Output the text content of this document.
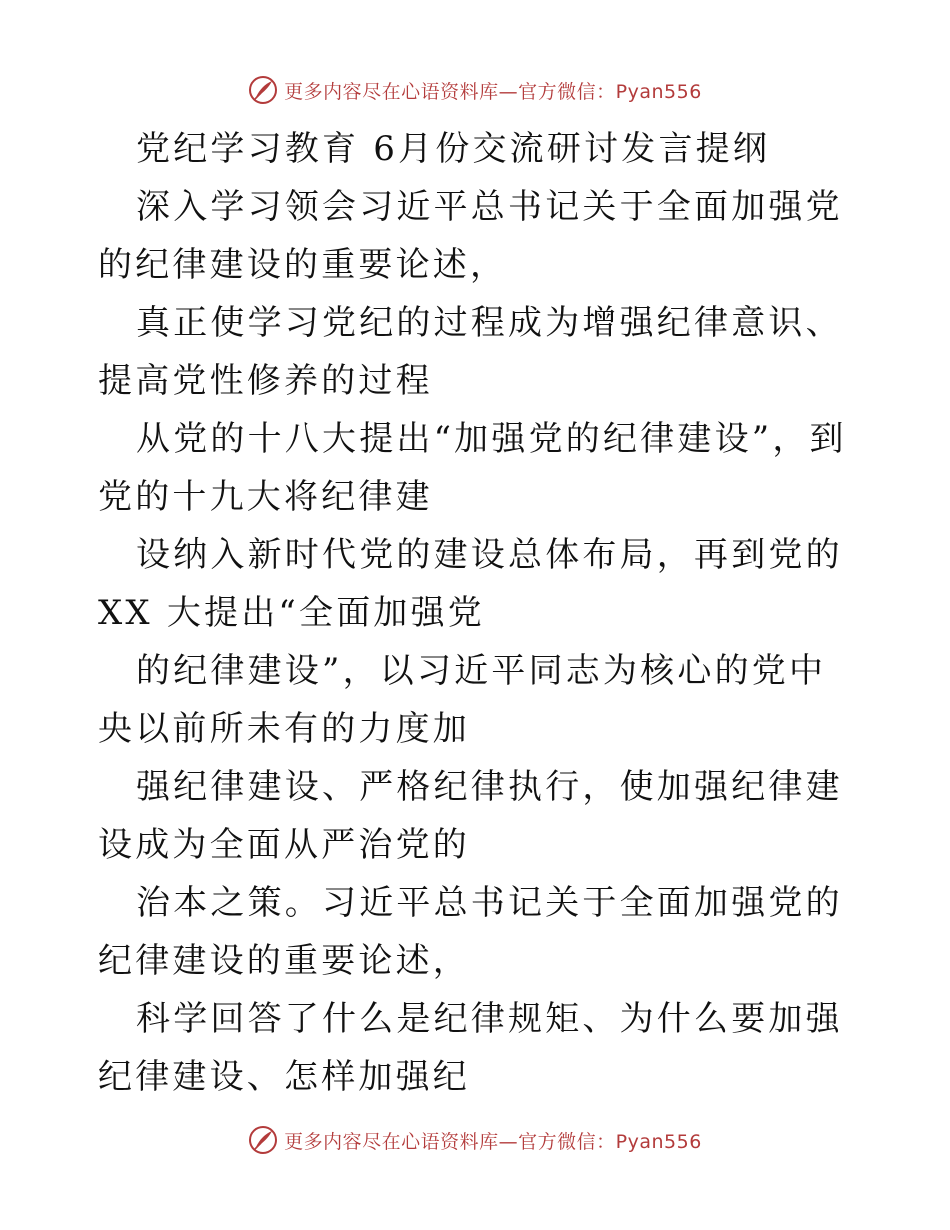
更多内容尽在心语资料库—官方微信：Pyan556

党纪学习教育 6月份交流研讨发言提纲

深入学习领会习近平总书记关于全面加强党的纪律建设的重要论述，

真正使学习党纪的过程成为增强纪律意识、提高党性修养的过程

从党的十八大提出“加强党的纪律建设”，到党的十九大将纪律建

设纳入新时代党的建设总体布局，再到党的 XX 大提出“全面加强党

的纪律建设”，以习近平同志为核心的党中央以前所未有的力度加

强纪律建设、严格纪律执行，使加强纪律建设成为全面从严治党的

治本之策。习近平总书记关于全面加强党的纪律建设的重要论述，

科学回答了什么是纪律规矩、为什么要加强纪律建设、怎样加强纪

更多内容尽在心语资料库—官方微信：Pyan556
